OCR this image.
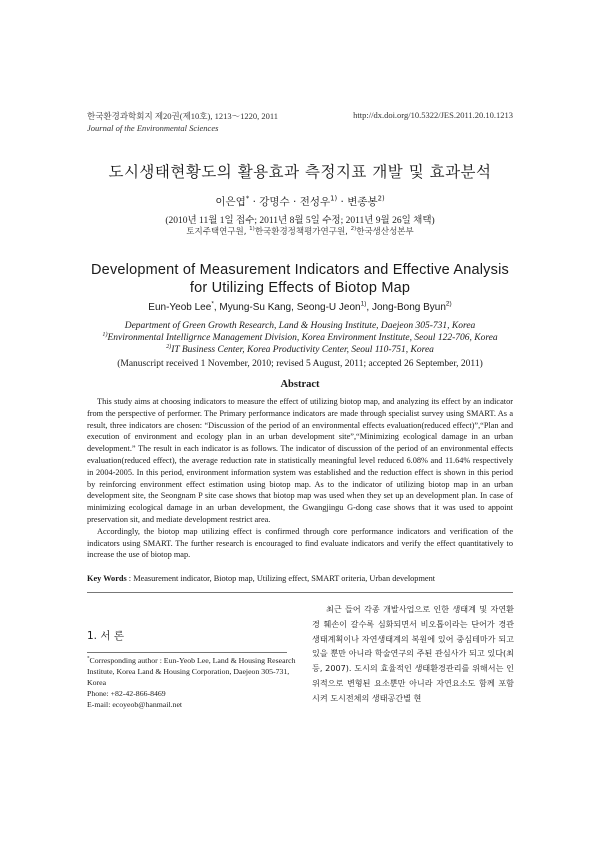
한국환경과학회지 제20권(제10호), 1213～1220, 2011
Journal of the Environmental Sciences
http://dx.doi.org/10.5322/JES.2011.20.10.1213
도시생태현황도의 활용효과 측정지표 개발 및 효과분석
이은엽* · 강명수 · 전성우$^{1)}$ · 변종봉$^{2)}$
(2010년 11월 1일 접수; 2011년 8월 5일 수정; 2011년 9월 26일 채택)
토지주택연구원, $^{1)}$한국환경정책평가연구원, $^{2)}$한국생산성본부
Development of Measurement Indicators and Effective Analysis
for Utilizing Effects of Biotop Map
Eun-Yeob Lee*, Myung-Su Kang, Seong-U Jeon$^{1)}$, Jong-Bong Byun$^{2)}$
Department of Green Growth Research, Land & Housing Institute, Daejeon 305-731, Korea
$^{1)}$Environmental Intelligrnce Management Division, Korea Environment Institute, Seoul 122-706, Korea
$^{2)}$IT Business Center, Korea Productivity Center, Seoul 110-751, Korea
(Manuscript received 1 November, 2010; revised 5 August, 2011; accepted 26 September, 2011)
Abstract

This study aims at choosing indicators to measure the effect of utilizing biotop map, and analyzing its effect by an indicator from the perspective of performer. The Primary performance indicators are made through specialist survey using SMART. As a result, three indicators are chosen: “Discussion of the period of an environmental effects evaluation(reduced effect)”,“Plan and execution of environment and ecology plan in an urban development site”,“Minimizing ecological damage in an urban development.” The result in each indicator is as follows. The indicator of discussion of the period of an environmental effects evaluation(reduced effect), the average reduction rate in statistically meaningful level reduced 6.08% and 11.64% respectively in 2004-2005. In this period, environment information system was established and the reduction effect is shown in this period by reinforcing environment effect estimation using biotop map. As to the indicator of utilizing biotop map in an urban development site, the Seongnam P site case shows that biotop map was used when they set up an development plan. In case of minimizing ecological damage in an urban development, the Gwangjingu G-dong case shows that it was used to appoint preservation sit, and mediate development restrict area.

Accordingly, the biotop map utilizing effect is confirmed through core performance indicators and verification of the indicators using SMART. The further research is encouraged to find evaluate indicators and verify the effect quantitatively to increase the use of biotop map.

Key Words : Measurement indicator, Biotop map, Utilizing effect, SMART oriteria, Urban development
1. 서 론

*Corresponding author : Eun-Yeob Lee, Land & Housing Research Institute, Korea Land & Housing Corporation, Daejeon 305-731, Korea

Phone: +82-42-866-8469

E-mail: ecoyeob@hanmail.net

최근 들어 각종 개발사업으로 인한 생태계 및 자연환경 훼손이 갈수록 심화되면서 비오톱이라는 단어가 경관생태계획이나 자연생태계의 복원에 있어 중심테마가 되고 있을 뿐만 아니라 학술연구의 주된 관심사가 되고 있다(최 등, 2007). 도시의 효율적인 생태환경관리를 위해서는 인위적으로 변형된 요소뿐만 아니라 자연요소도 함께 포함시켜 도시전체의 생태공간별 현
